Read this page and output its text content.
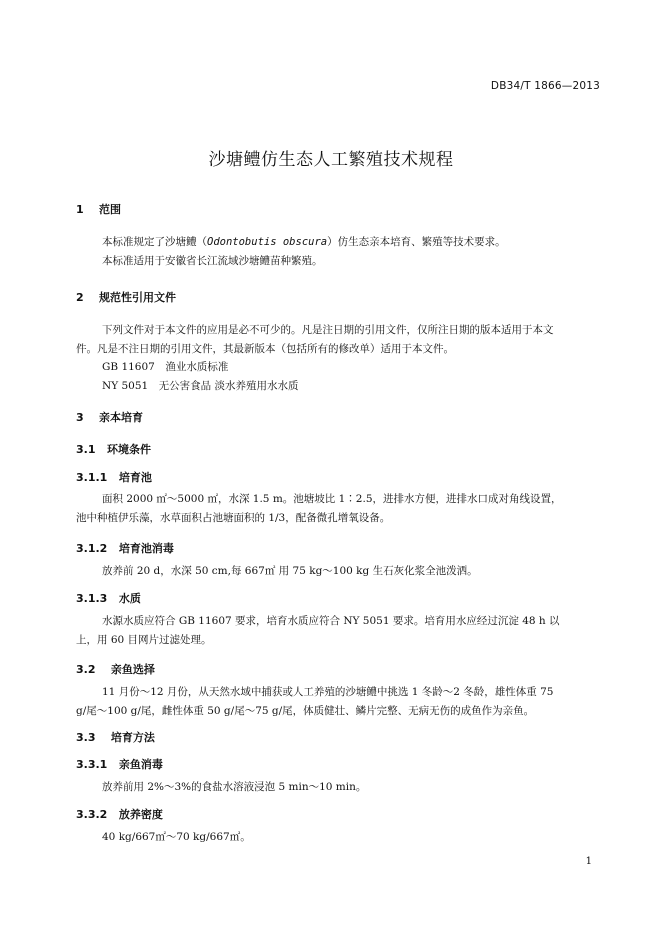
DB34/T 1866—2013
沙塘鳢仿生态人工繁殖技术规程
1 范围
本标准规定了沙塘鳢（Odontobutis obscura）仿生态亲本培育、繁殖等技术要求。
本标准适用于安徽省长江流域沙塘鳢苗种繁殖。
2 规范性引用文件
下列文件对于本文件的应用是必不可少的。凡是注日期的引用文件，仅所注日期的版本适用于本文
件。凡是不注日期的引用文件，其最新版本（包括所有的修改单）适用于本文件。
GB 11607　渔业水质标准
NY 5051　无公害食品 淡水养殖用水水质
3 亲本培育
3.1 环境条件
3.1.1 培育池
面积 2000 ㎡～5000 ㎡，水深 1.5 m。池塘坡比 1∶2.5，进排水方便，进排水口成对角线设置，
池中种植伊乐藻，水草面积占池塘面积的 1/3，配备微孔增氧设备。
3.1.2 培育池消毒
放养前 20 d，水深 50 cm,每 667㎡ 用 75 kg～100 kg 生石灰化浆全池泼洒。
3.1.3 水质
水源水质应符合 GB 11607 要求，培育水质应符合 NY 5051 要求。培育用水应经过沉淀 48 h 以
上，用 60 目网片过滤处理。
3.2 亲鱼选择
11 月份～12 月份，从天然水域中捕获或人工养殖的沙塘鳢中挑选 1 冬龄～2 冬龄，雄性体重 75
g/尾～100 g/尾，雌性体重 50 g/尾～75 g/尾，体质健壮、鳞片完整、无病无伤的成鱼作为亲鱼。
3.3 培育方法
3.3.1 亲鱼消毒
放养前用 2%～3%的食盐水溶液浸泡 5 min～10 min。
3.3.2 放养密度
40 kg/667㎡～70 kg/667㎡。
1
